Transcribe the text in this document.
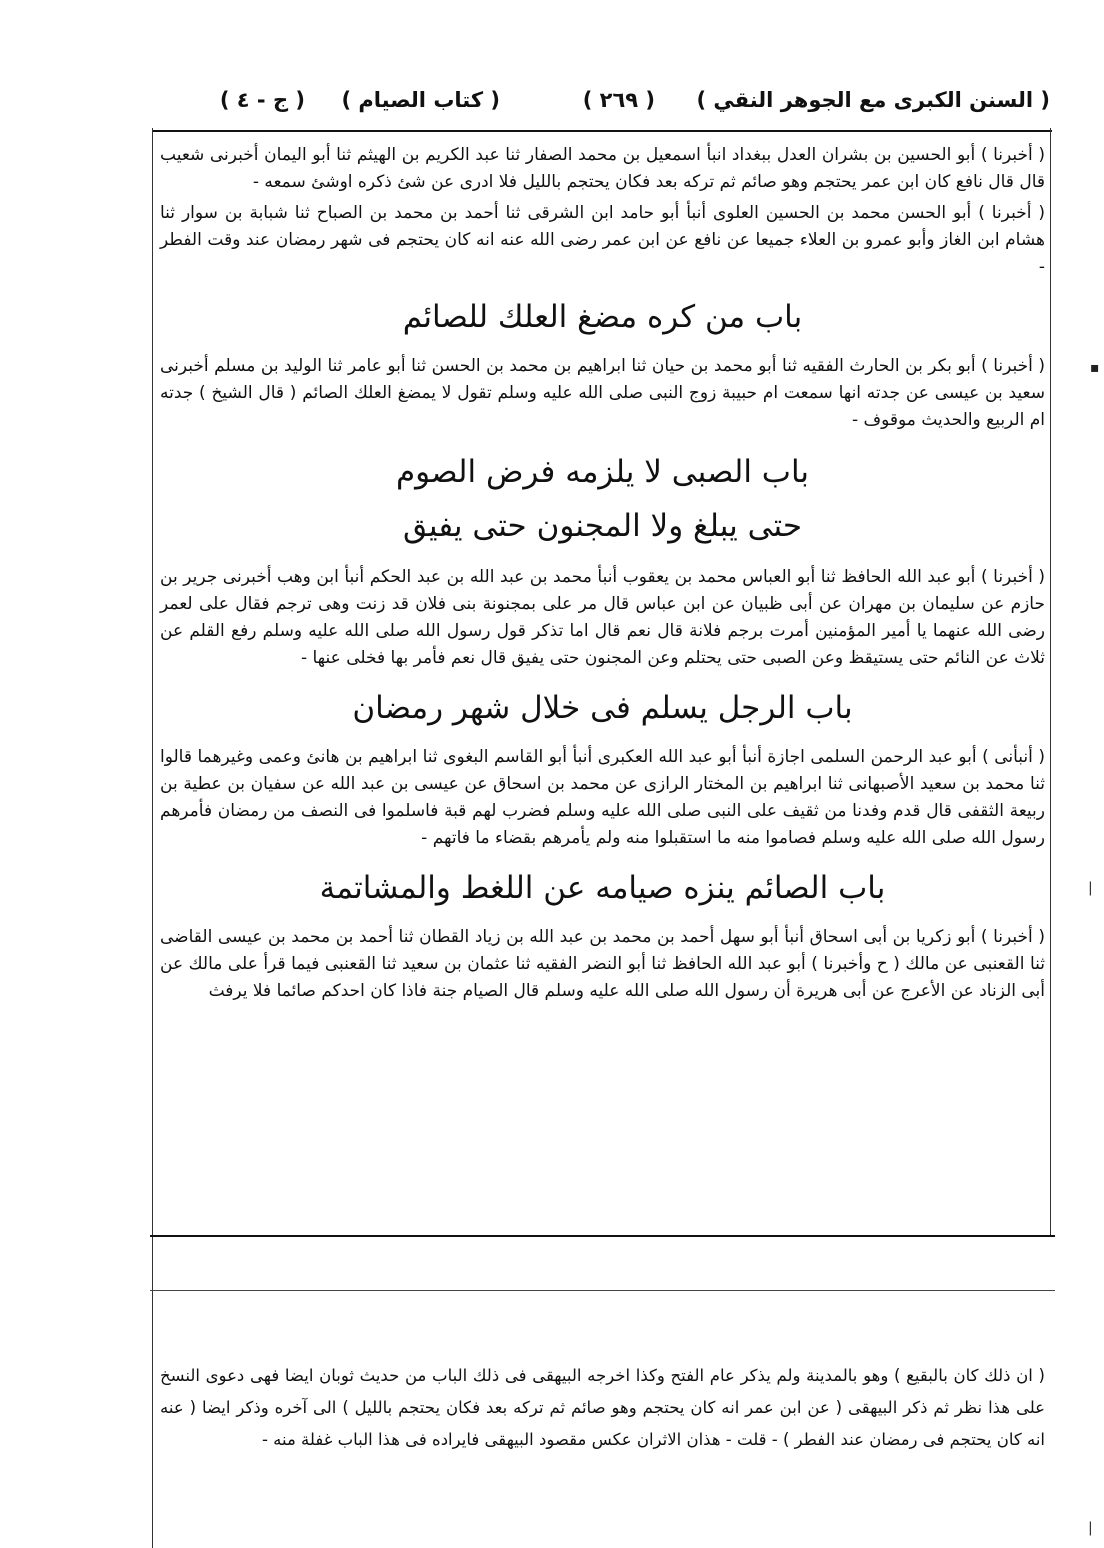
( السنن الكبرى مع الجوهر النقي )
( ٢٦٩ )
( كتاب الصيام )
( ج - ٤ )

( أخبرنا ) أبو الحسين بن بشران العدل ببغداد انبأ اسمعيل بن محمد الصفار ثنا عبد الكريم بن الهيثم ثنا أبو اليمان أخبرنى شعيب قال قال نافع كان ابن عمر يحتجم وهو صائم ثم تركه بعد فكان يحتجم بالليل فلا ادرى عن شئ ذكره اوشئ سمعه -

( أخبرنا ) أبو الحسن محمد بن الحسين العلوى أنبأ أبو حامد ابن الشرقى ثنا أحمد بن محمد بن الصباح ثنا شبابة بن سوار ثنا هشام ابن الغاز وأبو عمرو بن العلاء جميعا عن نافع عن ابن عمر رضى الله عنه انه كان يحتجم فى شهر رمضان عند وقت الفطر -

باب من كره مضغ العلك للصائم

( أخبرنا ) أبو بكر بن الحارث الفقيه ثنا أبو محمد بن حيان ثنا ابراهيم بن محمد بن الحسن ثنا أبو عامر ثنا الوليد بن مسلم أخبرنى سعيد بن عيسى عن جدته انها سمعت ام حبيبة زوج النبى صلى الله عليه وسلم تقول لا يمضغ العلك الصائم ( قال الشيخ ) جدته ام الربيع والحديث موقوف -

باب الصبى لا يلزمه فرض الصوم
حتى يبلغ ولا المجنون حتى يفيق

( أخبرنا ) أبو عبد الله الحافظ ثنا أبو العباس محمد بن يعقوب أنبأ محمد بن عبد الله بن عبد الحكم أنبأ ابن وهب أخبرنى جرير بن حازم عن سليمان بن مهران عن أبى ظبيان عن ابن عباس قال مر على بمجنونة بنى فلان قد زنت وهى ترجم فقال على لعمر رضى الله عنهما يا أمير المؤمنين أمرت برجم فلانة قال نعم قال اما تذكر قول رسول الله صلى الله عليه وسلم رفع القلم عن ثلاث عن النائم حتى يستيقظ وعن الصبى حتى يحتلم وعن المجنون حتى يفيق قال نعم فأمر بها فخلى عنها -

باب الرجل يسلم فى خلال شهر رمضان

( أنبأنى ) أبو عبد الرحمن السلمى اجازة أنبأ أبو عبد الله العكبرى أنبأ أبو القاسم البغوى ثنا ابراهيم بن هانئ وعمى وغيرهما قالوا ثنا محمد بن سعيد الأصبهانى ثنا ابراهيم بن المختار الرازى عن محمد بن اسحاق عن عيسى بن عبد الله عن سفيان بن عطية بن ربيعة الثقفى قال قدم وفدنا من ثقيف على النبى صلى الله عليه وسلم فضرب لهم قبة فاسلموا فى النصف من رمضان فأمرهم رسول الله صلى الله عليه وسلم فصاموا منه ما استقبلوا منه ولم يأمرهم بقضاء ما فاتهم -

باب الصائم ينزه صيامه عن اللغط والمشاتمة

( أخبرنا ) أبو زكريا بن أبى اسحاق أنبأ أبو سهل أحمد بن محمد بن عبد الله بن زياد القطان ثنا أحمد بن محمد بن عيسى القاضى ثنا القعنبى عن مالك ( ح وأخبرنا ) أبو عبد الله الحافظ ثنا أبو النضر الفقيه ثنا عثمان بن سعيد ثنا القعنبى فيما قرأ على مالك عن أبى الزناد عن الأعرج عن أبى هريرة أن رسول الله صلى الله عليه وسلم قال الصيام جنة فاذا كان احدكم صائما فلا يرفث

( ان ذلك كان بالبقيع ) وهو بالمدينة ولم يذكر عام الفتح وكذا اخرجه البيهقى فى ذلك الباب من حديث ثوبان ايضا فهى دعوى النسخ على هذا نظر ثم ذكر البيهقى ( عن ابن عمر انه كان يحتجم وهو صائم ثم تركه بعد فكان يحتجم بالليل ) الى آخره وذكر ايضا ( عنه انه كان يحتجم فى رمضان عند الفطر ) - قلت - هذان الاثران عكس مقصود البيهقى فايراده فى هذا الباب غفلة منه -

▪
|
|
